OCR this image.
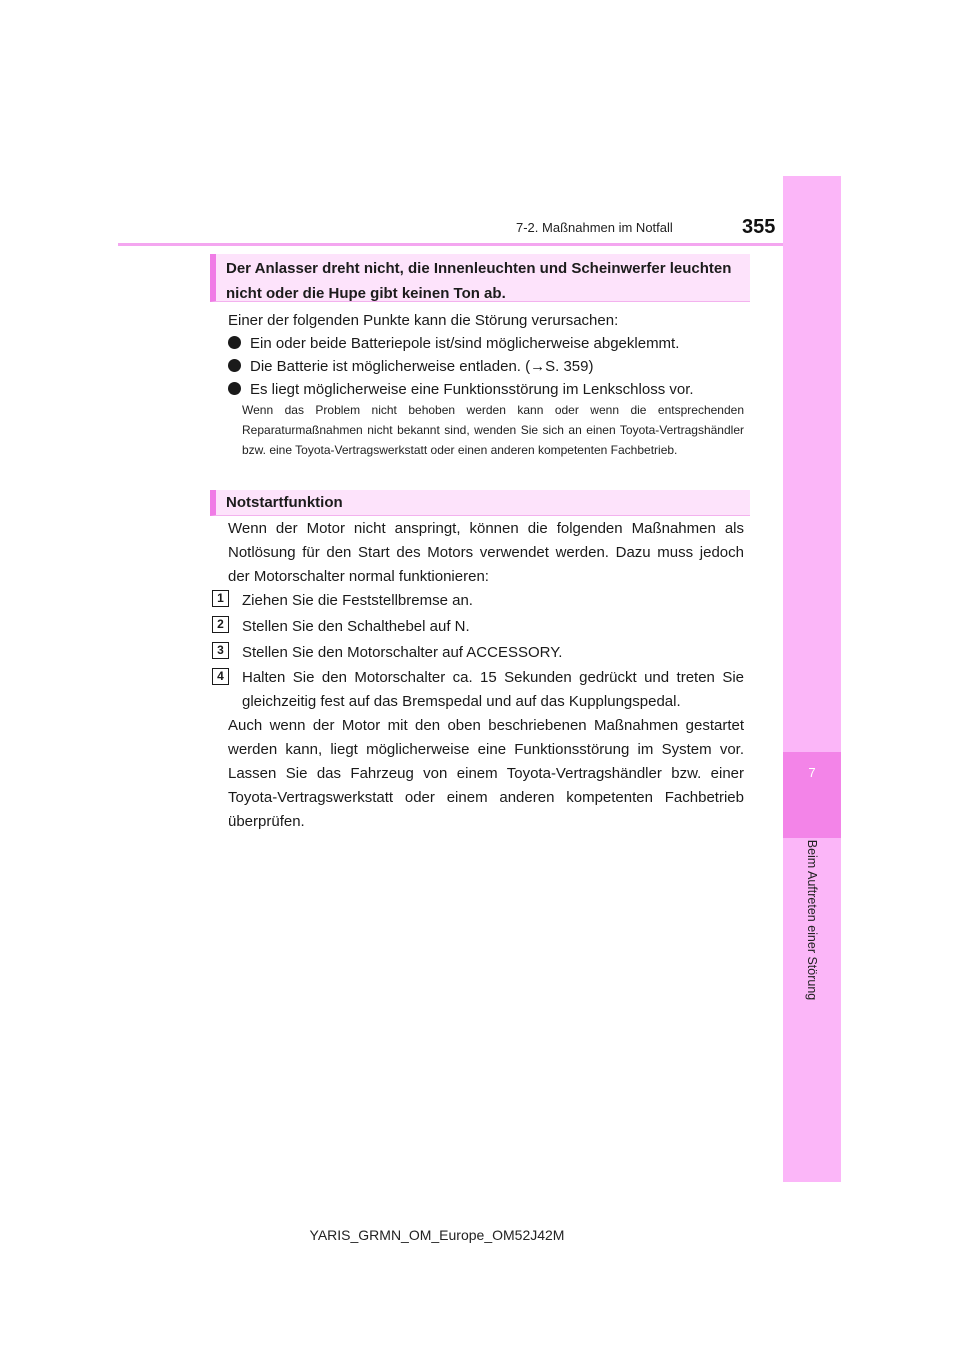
7-2. Maßnahmen im Notfall	355
7
Beim Auftreten einer Störung
Der Anlasser dreht nicht, die Innenleuchten und Scheinwerfer leuchten nicht oder die Hupe gibt keinen Ton ab.
Einer der folgenden Punkte kann die Störung verursachen:
Ein oder beide Batteriepole ist/sind möglicherweise abgeklemmt.
Die Batterie ist möglicherweise entladen. (→S. 359)
Es liegt möglicherweise eine Funktionsstörung im Lenkschloss vor.
Wenn das Problem nicht behoben werden kann oder wenn die entsprechenden Reparaturmaßnahmen nicht bekannt sind, wenden Sie sich an einen Toyota-Vertragshändler bzw. eine Toyota-Vertragswerkstatt oder einen anderen kompetenten Fachbetrieb.
Notstartfunktion
Wenn der Motor nicht anspringt, können die folgenden Maßnahmen als Notlösung für den Start des Motors verwendet werden. Dazu muss jedoch der Motorschalter normal funktionieren:
1	Ziehen Sie die Feststellbremse an.
2	Stellen Sie den Schalthebel auf N.
3	Stellen Sie den Motorschalter auf ACCESSORY.
4	Halten Sie den Motorschalter ca. 15 Sekunden gedrückt und treten Sie gleichzeitig fest auf das Bremspedal und auf das Kupplungspedal.
Auch wenn der Motor mit den oben beschriebenen Maßnahmen gestartet werden kann, liegt möglicherweise eine Funktionsstörung im System vor. Lassen Sie das Fahrzeug von einem Toyota-Vertragshändler bzw. einer Toyota-Vertragswerkstatt oder einem anderen kompetenten Fachbetrieb überprüfen.
YARIS_GRMN_OM_Europe_OM52J42M
